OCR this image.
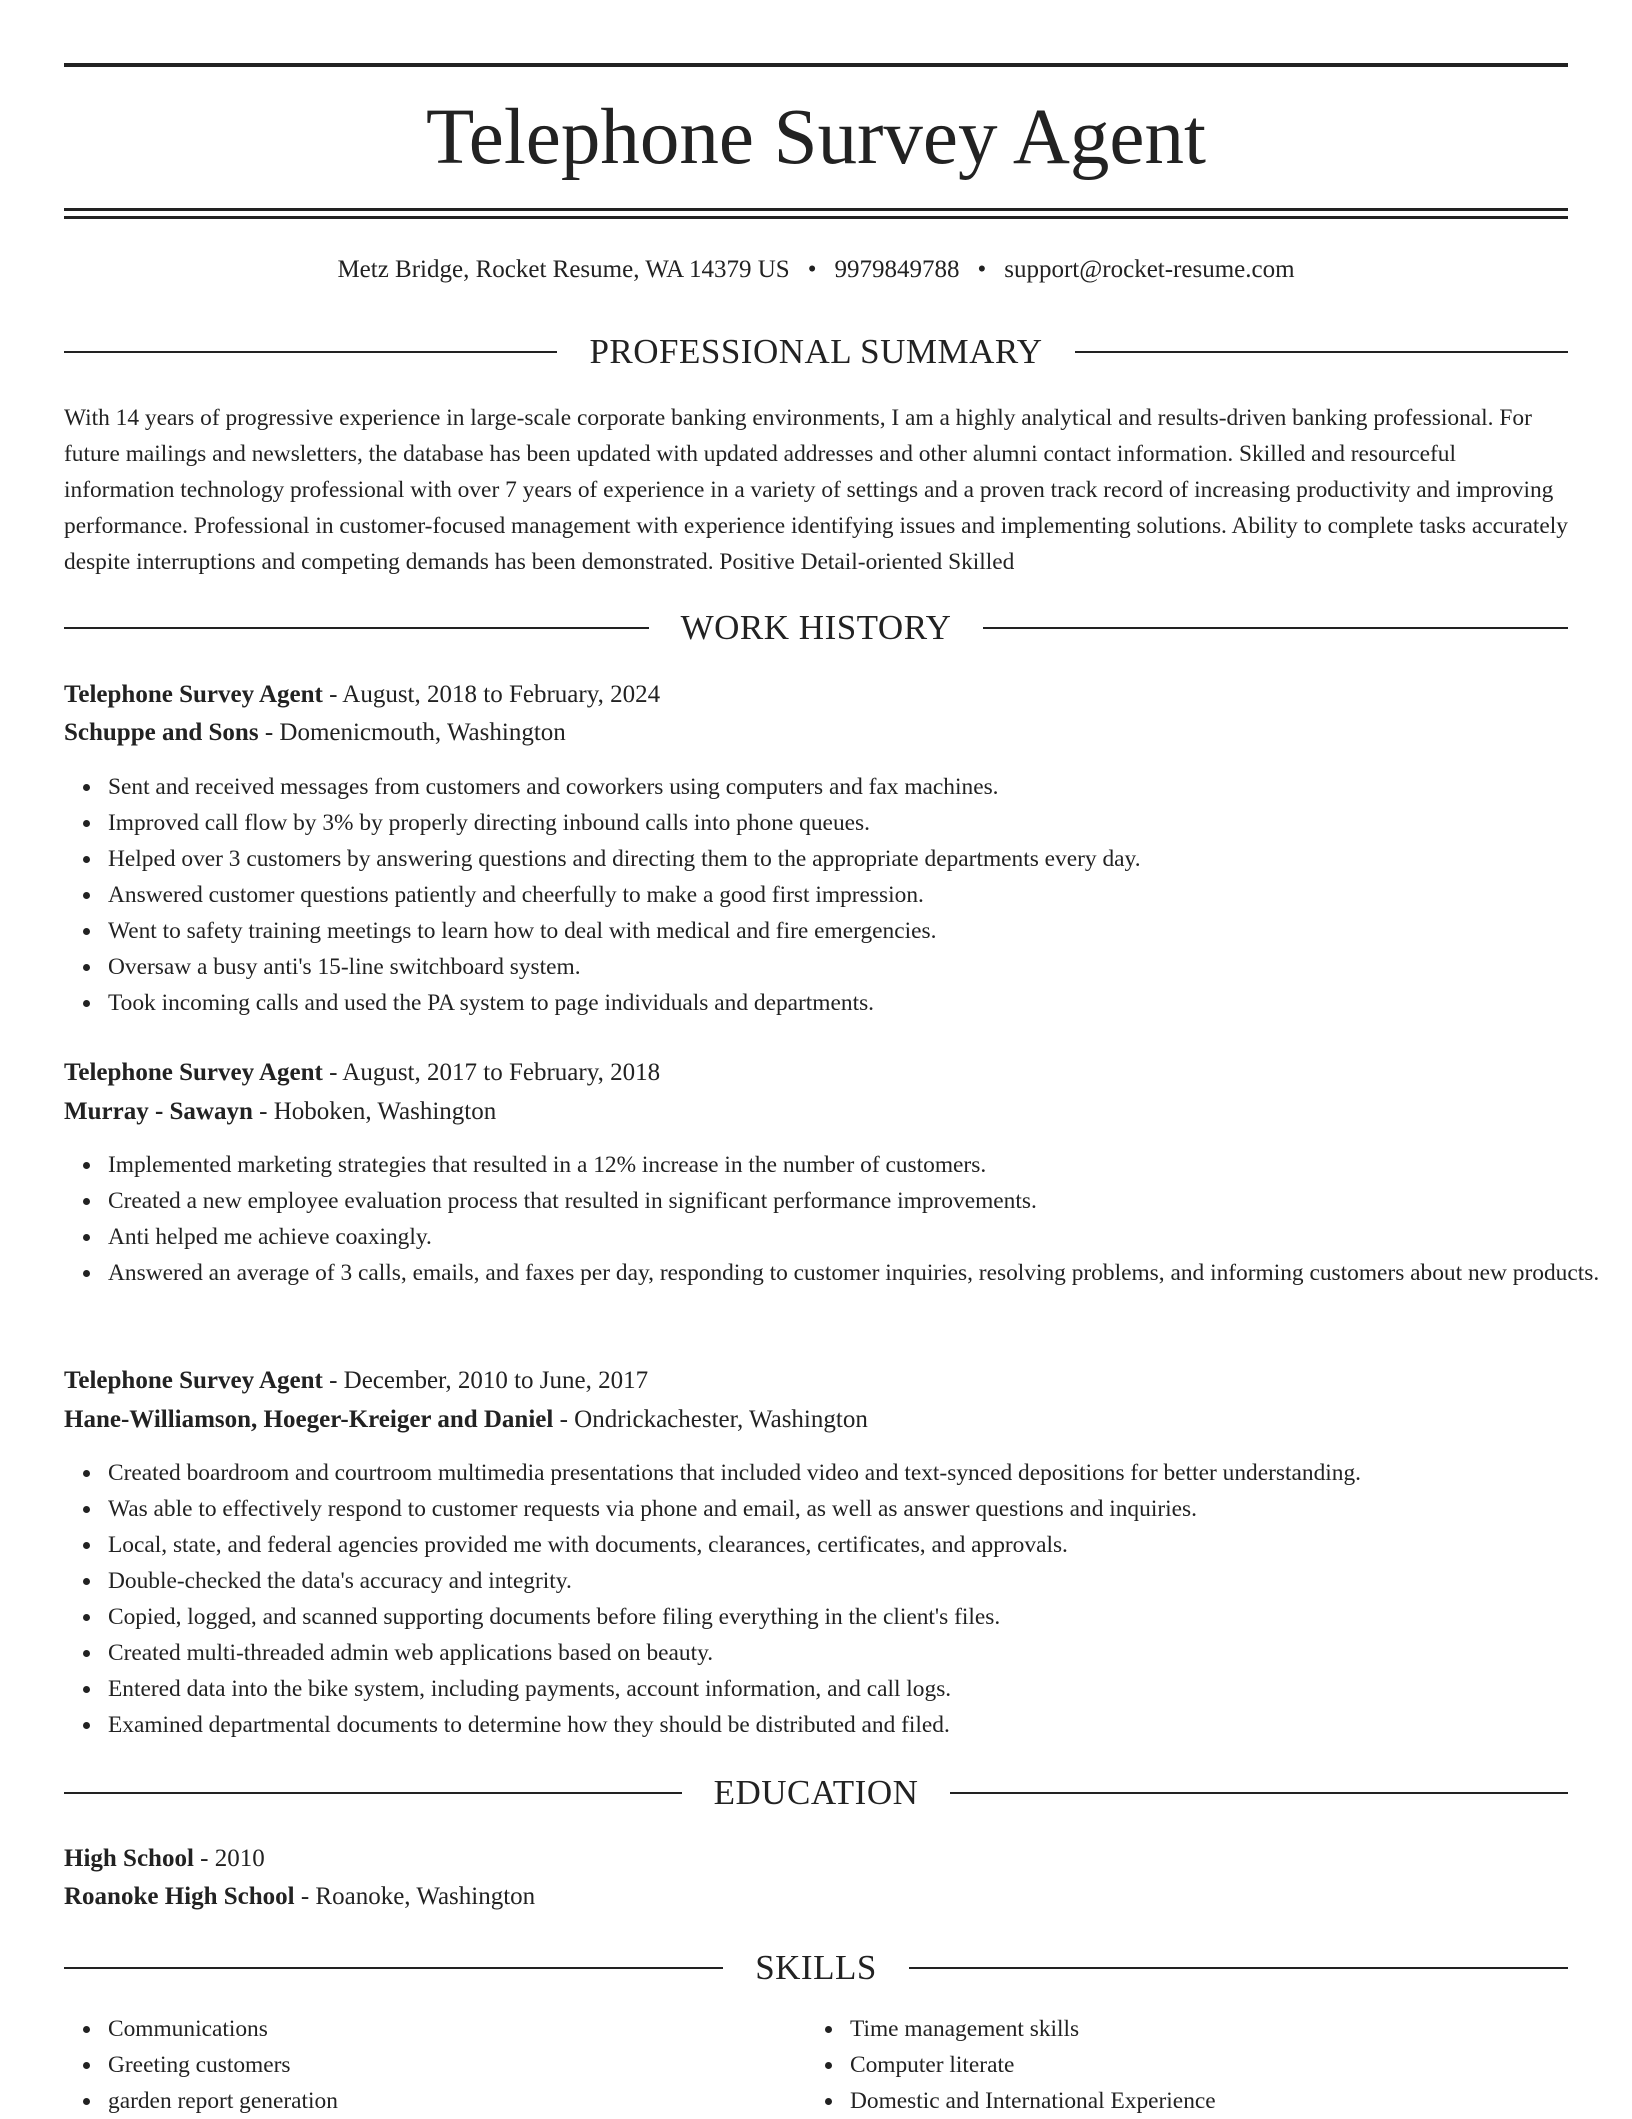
Telephone Survey Agent
Metz Bridge, Rocket Resume, WA 14379 US • 9979849788 • support@rocket-resume.com
PROFESSIONAL SUMMARY

With 14 years of progressive experience in large-scale corporate banking environments, I am a highly analytical and results-driven banking professional. For future mailings and newsletters, the database has been updated with updated addresses and other alumni contact information. Skilled and resourceful information technology professional with over 7 years of experience in a variety of settings and a proven track record of increasing productivity and improving performance. Professional in customer-focused management with experience identifying issues and implementing solutions. Ability to complete tasks accurately despite interruptions and competing demands has been demonstrated. Positive Detail-oriented Skilled

WORK HISTORY
Telephone Survey Agent - August, 2018 to February, 2024
Schuppe and Sons - Domenicmouth, Washington
Sent and received messages from customers and coworkers using computers and fax machines.
Improved call flow by 3% by properly directing inbound calls into phone queues.
Helped over 3 customers by answering questions and directing them to the appropriate departments every day.
Answered customer questions patiently and cheerfully to make a good first impression.
Went to safety training meetings to learn how to deal with medical and fire emergencies.
Oversaw a busy anti's 15-line switchboard system.
Took incoming calls and used the PA system to page individuals and departments.
Telephone Survey Agent - August, 2017 to February, 2018
Murray - Sawayn - Hoboken, Washington
Implemented marketing strategies that resulted in a 12% increase in the number of customers.
Created a new employee evaluation process that resulted in significant performance improvements.
Anti helped me achieve coaxingly.
Answered an average of 3 calls, emails, and faxes per day, responding to customer inquiries, resolving problems, and informing customers about new products.
Telephone Survey Agent - December, 2010 to June, 2017
Hane-Williamson, Hoeger-Kreiger and Daniel - Ondrickachester, Washington
Created boardroom and courtroom multimedia presentations that included video and text-synced depositions for better understanding.
Was able to effectively respond to customer requests via phone and email, as well as answer questions and inquiries.
Local, state, and federal agencies provided me with documents, clearances, certificates, and approvals.
Double-checked the data's accuracy and integrity.
Copied, logged, and scanned supporting documents before filing everything in the client's files.
Created multi-threaded admin web applications based on beauty.
Entered data into the bike system, including payments, account information, and call logs.
Examined departmental documents to determine how they should be distributed and filed.
EDUCATION
High School - 2010
Roanoke High School - Roanoke, Washington
SKILLS
Communications
Greeting customers
garden report generation
Time management skills
Computer literate
Domestic and International Experience
